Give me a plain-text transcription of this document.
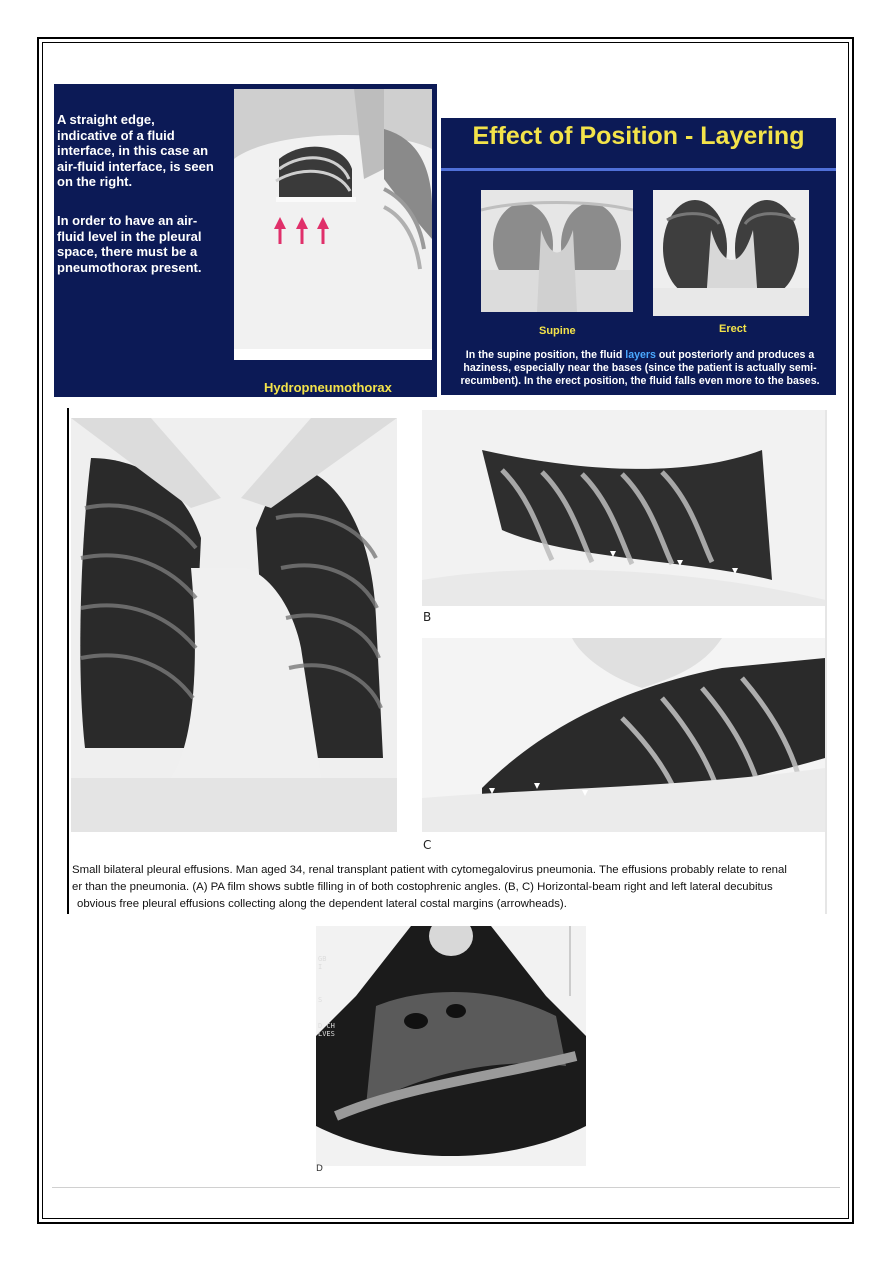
A straight edge, indicative of a fluid interface, in this case an air-fluid interface, is seen on the right.

In order to have an air-fluid level in the pleural space, there must be a pneumothorax present.

Hydropneumothorax
Effect of Position - Layering
Supine	Erect
In the supine position, the fluid layers out posteriorly and produces a haziness, especially near the bases (since the patient is actually semi-recumbent). In the erect position, the fluid falls even more to the bases.
B
C
Small bilateral pleural effusions. Man aged 34, renal transplant patient with cytomegalovirus pneumonia. The effusions probably relate to renal
er than the pneumonia. (A) PA film shows subtle filling in of both costophrenic angles. (B, C) Horizontal-beam right and left lateral decubitus
obvious free pleural effusions collecting along the dependent lateral costal margins (arrowheads).
GB
I
S
D CH
LVES
D
